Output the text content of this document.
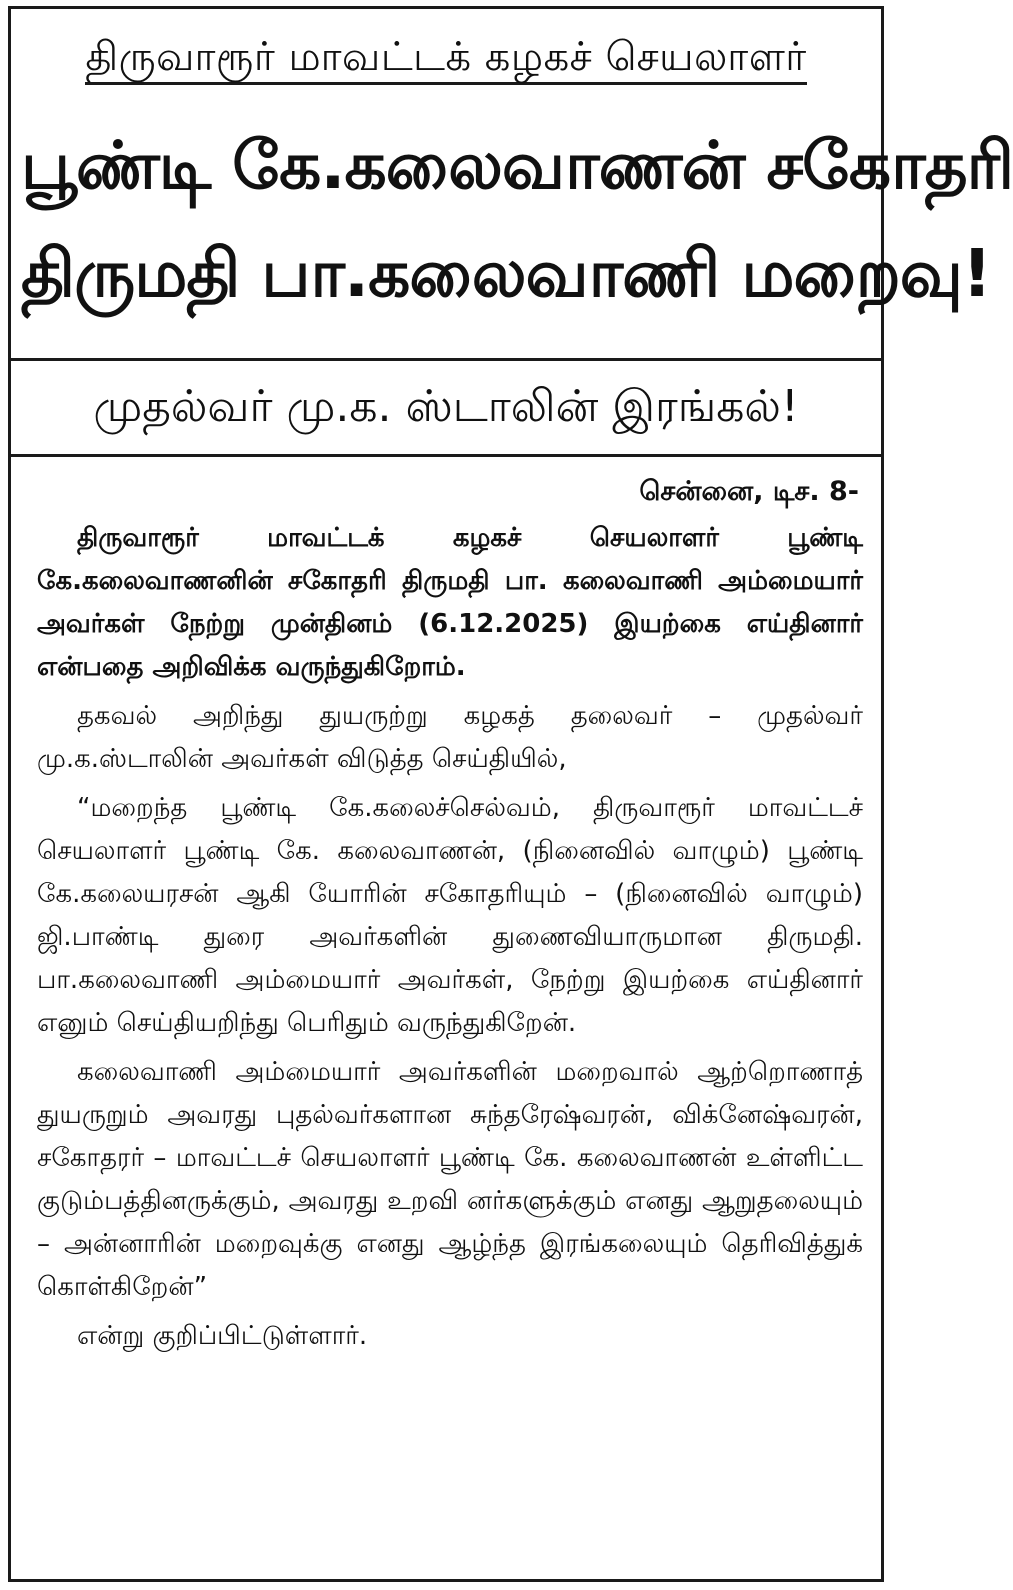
திருவாரூர் மாவட்டக் கழகச் செயலாளர்
பூண்டி கே.கலைவாணன் சகோதரி
திருமதி பா.கலைவாணி மறைவு!
முதல்வர் மு.க. ஸ்டாலின் இரங்கல்!
சென்னை, டிச. 8-

திருவாரூர் மாவட்டக் கழகச் செயலாளர் பூண்டி கே.கலைவாணனின் சகோதரி திருமதி பா. கலைவாணி அம்மையார் அவர்கள் நேற்று முன்தினம் (6.12.2025) இயற்கை எய்தினார் என்பதை அறிவிக்க வருந்துகிறோம்.

தகவல் அறிந்து துயருற்று கழகத் தலைவர் – முதல்வர் மு.க.ஸ்டாலின் அவர்கள் விடுத்த செய்தியில்,

“மறைந்த பூண்டி கே.கலைச்செல்வம், திருவாரூர் மாவட்டச் செயலாளர் பூண்டி கே. கலைவாணன், (நினைவில் வாழும்) பூண்டி கே.கலையரசன் ஆகி யோரின் சகோதரியும் – (நினைவில் வாழும்) ஜி.பாண்டி துரை அவர்களின் துணைவியாருமான திருமதி. பா.கலைவாணி அம்மையார் அவர்கள், நேற்று இயற்கை எய்தினார் எனும் செய்தியறிந்து பெரிதும் வருந்துகிறேன்.

கலைவாணி அம்மையார் அவர்களின் மறைவால் ஆற்றொணாத் துயருறும் அவரது புதல்வர்களான சுந்தரேஷ்வரன், விக்னேஷ்வரன், சகோதரர் – மாவட்டச் செயலாளர் பூண்டி கே. கலைவாணன் உள்ளிட்ட குடும்பத்தினருக்கும், அவரது உறவி னர்களுக்கும் எனது ஆறுதலையும் – அன்னாரின் மறைவுக்கு எனது ஆழ்ந்த இரங்கலையும் தெரிவித்துக் கொள்கிறேன்”

என்று குறிப்பிட்டுள்ளார்.
